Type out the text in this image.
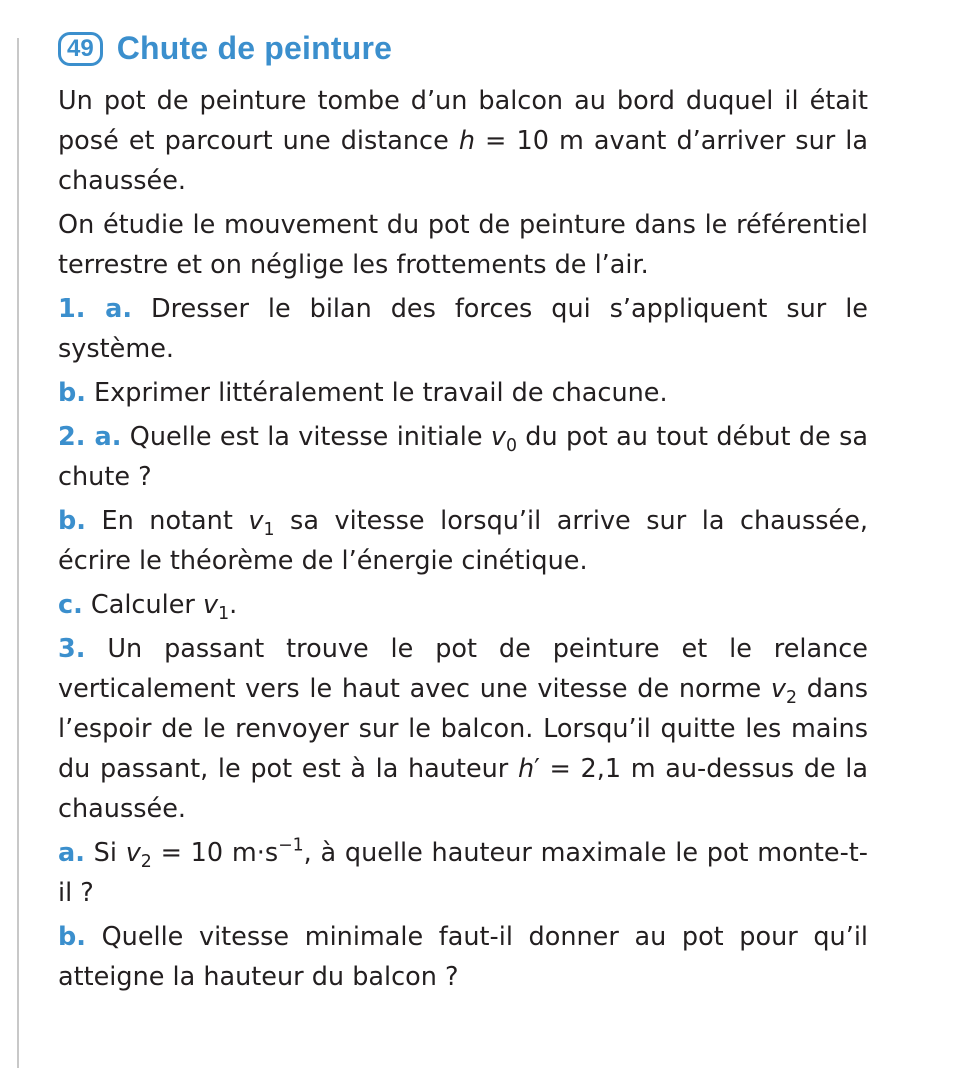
49 Chute de peinture

Un pot de peinture tombe d’un balcon au bord duquel il était posé et parcourt une distance h = 10 m avant d’arriver sur la chaussée.

On étudie le mouvement du pot de peinture dans le référentiel terrestre et on néglige les frottements de l’air.

1. a. Dresser le bilan des forces qui s’appliquent sur le système.

b. Exprimer littéralement le travail de chacune.

2. a. Quelle est la vitesse initiale $v_0$ du pot au tout début de sa chute ?

b. En notant $v_1$ sa vitesse lorsqu’il arrive sur la chaussée, écrire le théorème de l’énergie cinétique.

c. Calculer $v_1$.

3. Un passant trouve le pot de peinture et le relance verticalement vers le haut avec une vitesse de norme $v_2$ dans l’espoir de le renvoyer sur le balcon. Lorsqu’il quitte les mains du passant, le pot est à la hauteur h′ = 2,1 m au-dessus de la chaussée.

a. Si $v_2 = 10$ $m\cdot s^{-1}$, à quelle hauteur maximale le pot monte-t-il ?

b. Quelle vitesse minimale faut-il donner au pot pour qu’il atteigne la hauteur du balcon ?
